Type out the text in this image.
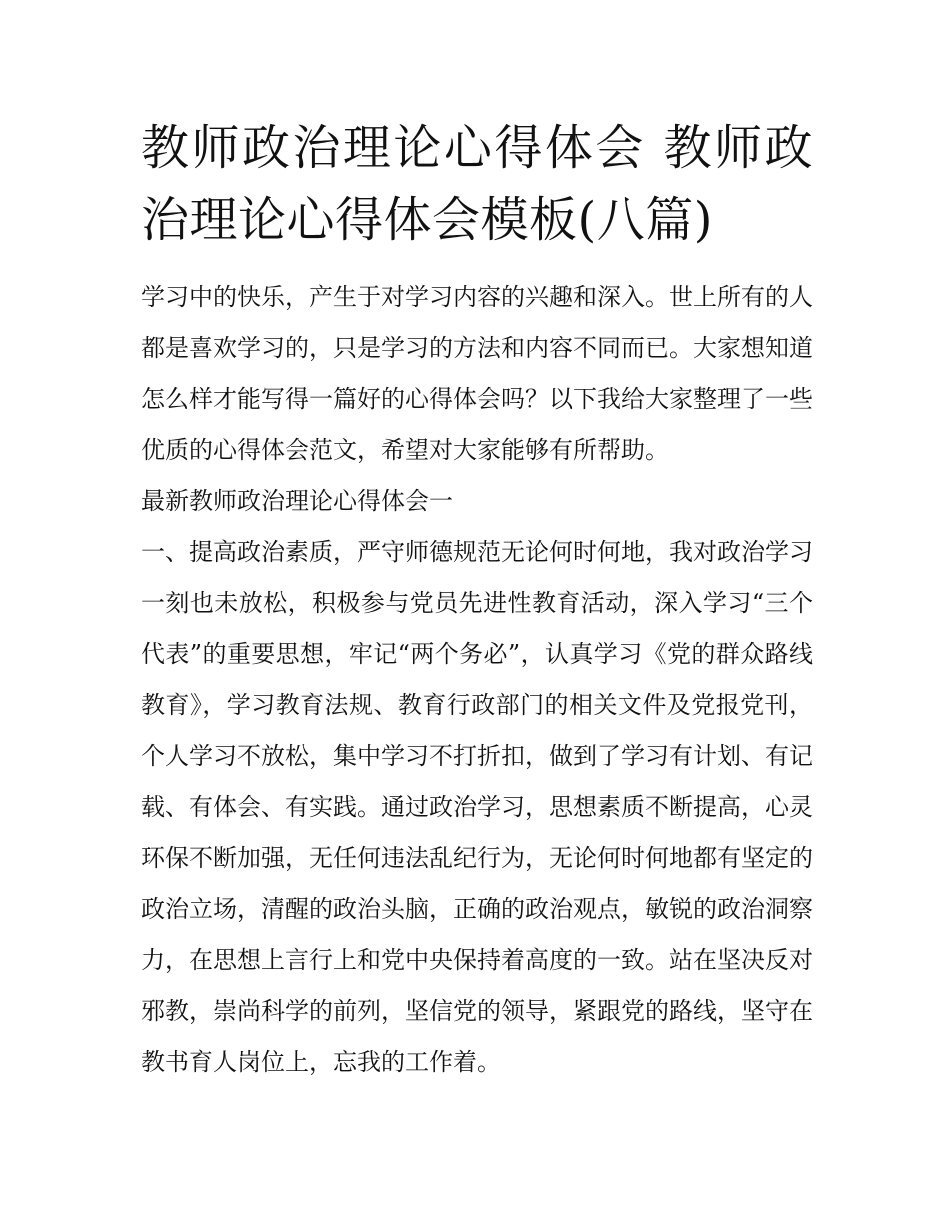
教师政治理论心得体会 教师政治理论心得体会模板(八篇)

学习中的快乐，产生于对学习内容的兴趣和深入。世上所有的人都是喜欢学习的，只是学习的方法和内容不同而已。大家想知道怎么样才能写得一篇好的心得体会吗？以下我给大家整理了一些优质的心得体会范文，希望对大家能够有所帮助。

最新教师政治理论心得体会一

一、提高政治素质，严守师德规范无论何时何地，我对政治学习一刻也未放松，积极参与党员先进性教育活动，深入学习“三个代表”的重要思想，牢记“两个务必”，认真学习《党的群众路线教育》，学习教育法规、教育行政部门的相关文件及党报党刊，个人学习不放松，集中学习不打折扣，做到了学习有计划、有记载、有体会、有实践。通过政治学习，思想素质不断提高，心灵环保不断加强，无任何违法乱纪行为，无论何时何地都有坚定的政治立场，清醒的政治头脑，正确的政治观点，敏锐的政治洞察力，在思想上言行上和党中央保持着高度的一致。站在坚决反对邪教，崇尚科学的前列，坚信党的领导，紧跟党的路线，坚守在教书育人岗位上，忘我的工作着。
